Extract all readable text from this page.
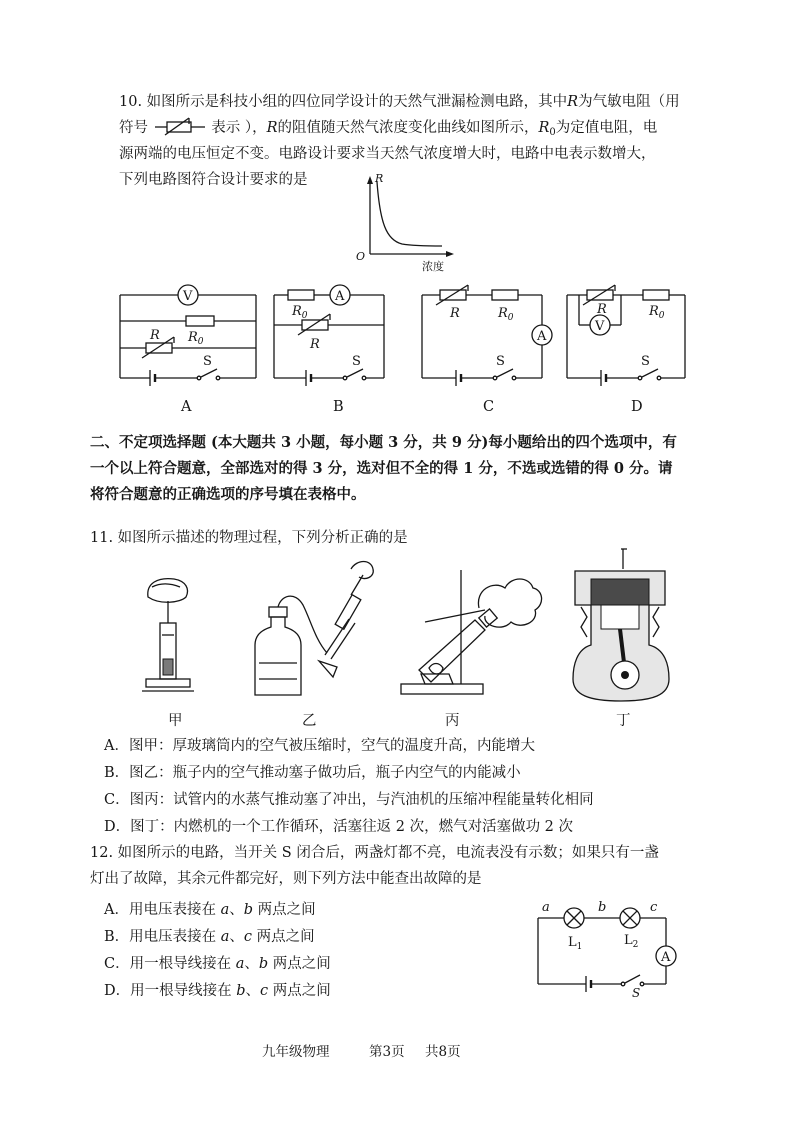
10. 如图所示是科技小组的四位同学设计的天然气泄漏检测电路，其中R为气敏电阻（用
符号	表示 ），R的阻值随天然气浓度变化曲线如图所示，$R_0$为定值电阻，电
源两端的电压恒定不变。电路设计要求当天然气浓度增大时，电路中电表示数增大，
下列电路图符合设计要求的是	R
O
浓度
V
$R_0$
R
S
A
A
$R_0$
R
S
B
R	$R_0$
A
S
C
V
R	$R_0$
S
D
二、不定项选择题 (本大题共 3 小题，每小题 3 分，共 9 分)每小题给出的四个选项中，有
一个以上符合题意，全部选对的得 3 分，选对但不全的得 1 分，不选或选错的得 0 分。请
将符合题意的正确选项的序号填在表格中。
11. 如图所示描述的物理过程，下列分析正确的是
甲	乙	丙	丁
A．图甲：厚玻璃筒内的空气被压缩时，空气的温度升高，内能增大
B．图乙：瓶子内的空气推动塞子做功后，瓶子内空气的内能减小
C．图丙：试管内的水蒸气推动塞了冲出，与汽油机的压缩冲程能量转化相同
D．图丁：内燃机的一个工作循环，活塞往返 2 次，燃气对活塞做功 2 次
12. 如图所示的电路，当开关 S 闭合后，两盏灯都不亮，电流表没有示数；如果只有一盏
灯出了故障，其余元件都完好，则下列方法中能查出故障的是
A．用电压表接在 a、b 两点之间
B．用电压表接在 a、c 两点之间
C．用一根导线接在 a、b 两点之间
D．用一根导线接在 b、c 两点之间
A
S
a	b	c
$L_1$	$L_2$
九年级物理	第3页 共8页
